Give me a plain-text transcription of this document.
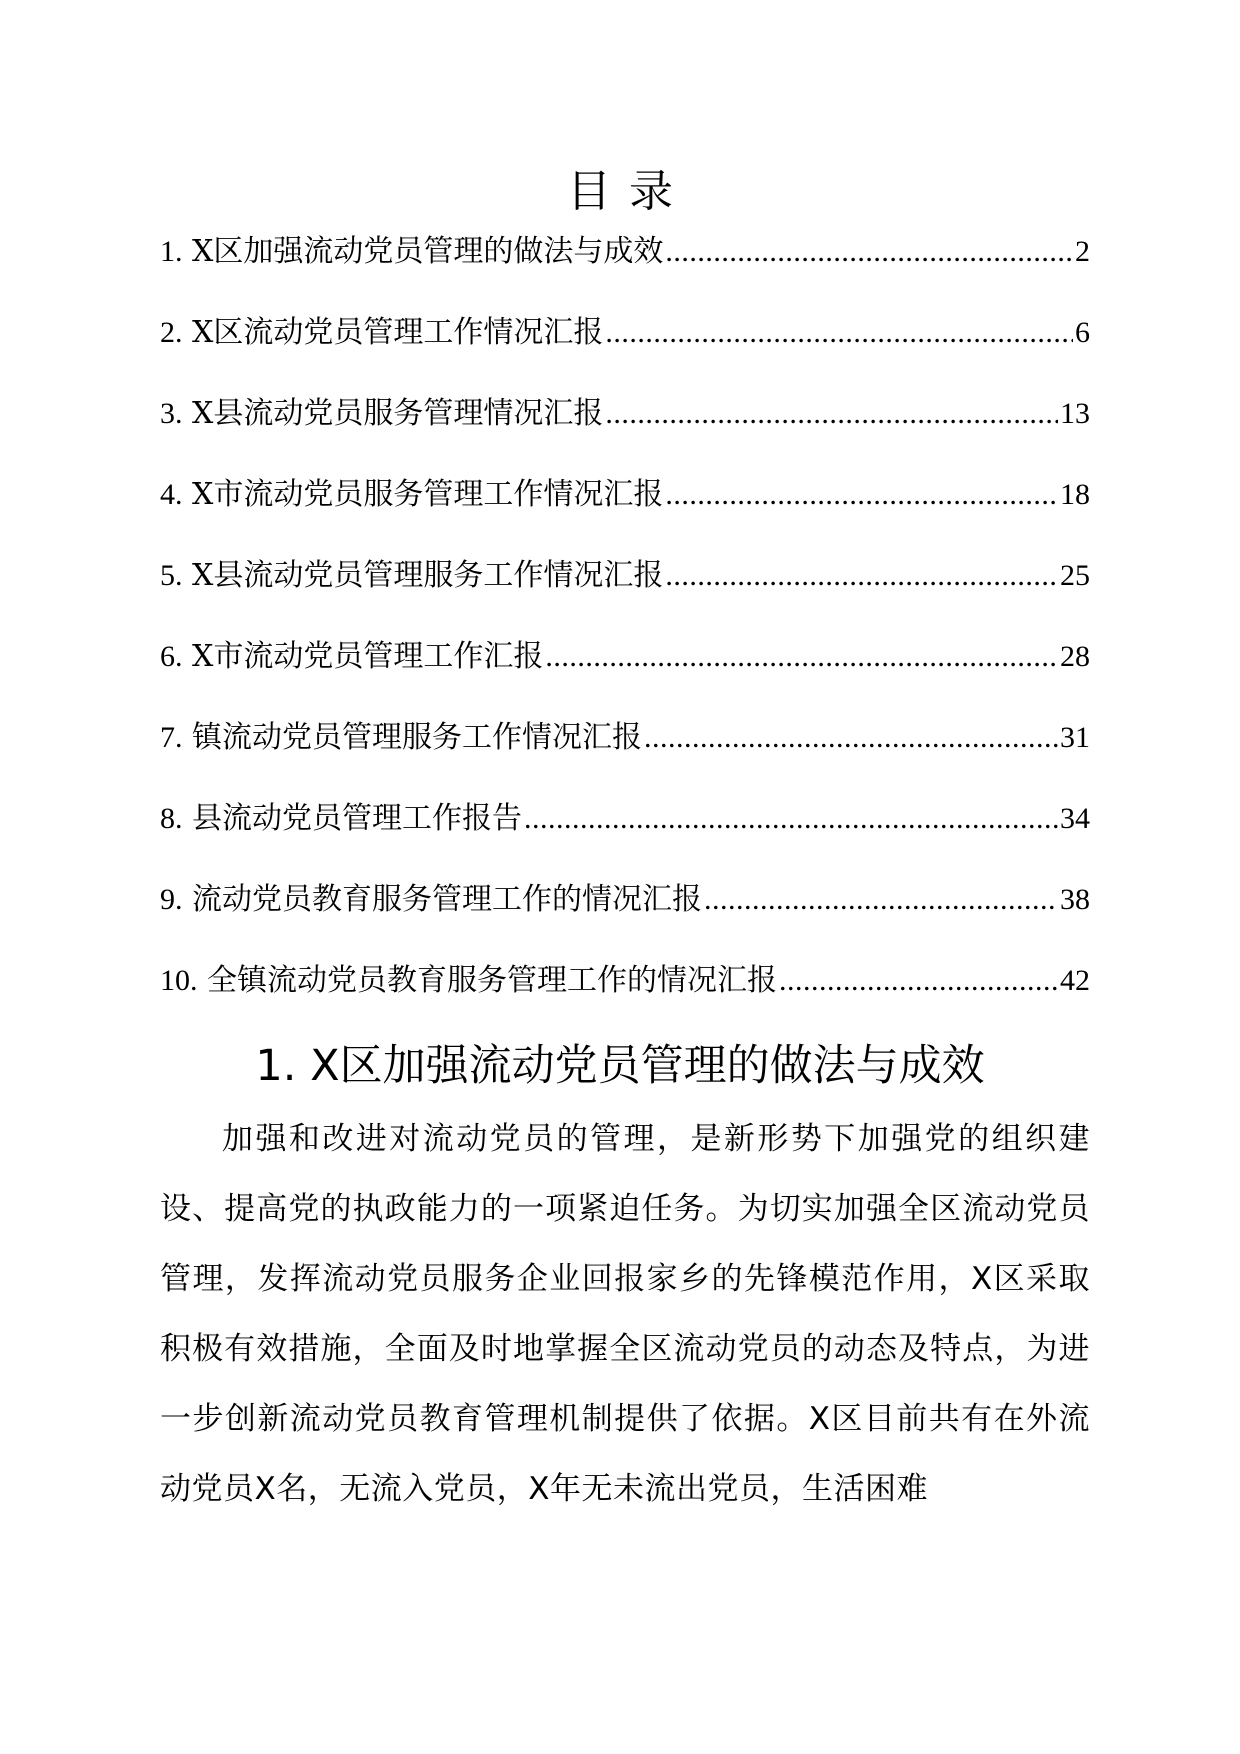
目录
1. X区加强流动党员管理的做法与成效 .....	2
2. X区流动党员管理工作情况汇报 .....	6
3. X县流动党员服务管理情况汇报 .....	13
4. X市流动党员服务管理工作情况汇报 .....	18
5. X县流动党员管理服务工作情况汇报 .....	25
6. X市流动党员管理工作汇报 .....	28
7. 镇流动党员管理服务工作情况汇报 .....	31
8. 县流动党员管理工作报告 .....	34
9. 流动党员教育服务管理工作的情况汇报 .....	38
10. 全镇流动党员教育服务管理工作的情况汇报 .....	42
1. X区加强流动党员管理的做法与成效

加强和改进对流动党员的管理，是新形势下加强党的组织建设、提高党的执政能力的一项紧迫任务。为切实加强全区流动党员管理，发挥流动党员服务企业回报家乡的先锋模范作用，X区采取积极有效措施，全面及时地掌握全区流动党员的动态及特点，为进一步创新流动党员教育管理机制提供了依据。X区目前共有在外流动党员X名，无流入党员，X年无未流出党员，生活困难
